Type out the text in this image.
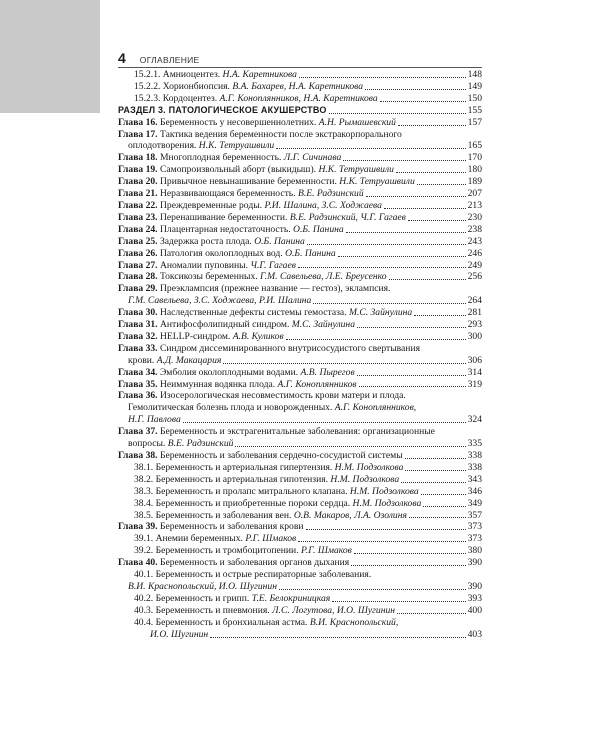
4 ОГЛАВЛЕНИЕ
15.2.1. Амниоцентез. Н.А. Каретникова	148
15.2.2. Хорионбиопсия. В.А. Бахарев, Н.А. Каретникова	149
15.2.3. Кордоцентез. А.Г. Коноплянников, Н.А. Каретникова	150
РАЗДЕЛ 3. ПАТОЛОГИЧЕСКОЕ АКУШЕРСТВО	155
Глава 16. Беременность у несовершеннолетних. А.Н. Рымашевский	157
Глава 17. Тактика ведения беременности после экстракорпорального
оплодотворения. Н.К. Тетруашвили	165
Глава 18. Многоплодная беременность. Л.Г. Сичинава	170
Глава 19. Самопроизвольный аборт (выкидыш). Н.К. Тетруашвили	180
Глава 20. Привычное невынашивание беременности. Н.К. Тетруашвили	189
Глава 21. Неразвивающаяся беременность. В.Е. Радзинский	207
Глава 22. Преждевременные роды. Р.И. Шалина, З.С. Ходжаева	213
Глава 23. Перенашивание беременности. В.Е. Радзинский, Ч.Г. Гагаев	230
Глава 24. Плацентарная недостаточность. О.Б. Панина	238
Глава 25. Задержка роста плода. О.Б. Панина	243
Глава 26. Патология околоплодных вод. О.Б. Панина	246
Глава 27. Аномалии пуповины. Ч.Г. Гагаев	249
Глава 28. Токсикозы беременных. Г.М. Савельева, Л.Е. Бреусенко	256
Глава 29. Преэклампсия (прежнее название — гестоз), эклампсия.
Г.М. Савельева, З.С. Ходжаева, Р.И. Шалина	264
Глава 30. Наследственные дефекты системы гемостаза. М.С. Зайнулина	281
Глава 31. Антифосфолипидный синдром. М.С. Зайнулина	293
Глава 32. HELLP-синдром. А.В. Куликов	300
Глава 33. Синдром диссеминированного внутрисосудистого свертывания
крови. А.Д. Макацария	306
Глава 34. Эмболия околоплодными водами. А.В. Пырегов	314
Глава 35. Неиммунная водянка плода. А.Г. Коноплянников	319
Глава 36. Изосерологическая несовместимость крови матери и плода.
Гемолитическая болезнь плода и новорожденных. А.Г. Коноплянников,
Н.Г. Павлова	324
Глава 37. Беременность и экстрагенитальные заболевания: организационные
вопросы. В.Е. Радзинский	335
Глава 38. Беременность и заболевания сердечно-сосудистой системы	338
38.1. Беременность и артериальная гипертензия. Н.М. Подзолкова	338
38.2. Беременность и артериальная гипотензия. Н.М. Подзолкова	343
38.3. Беременность и пролапс митрального клапана. Н.М. Подзолкова	346
38.4. Беременность и приобретенные пороки сердца. Н.М. Подзолкова	349
38.5. Беременность и заболевания вен. О.В. Макаров, Л.А. Озолиня	357
Глава 39. Беременность и заболевания крови	373
39.1. Анемии беременных. Р.Г. Шмаков	373
39.2. Беременность и тромбоцитопении. Р.Г. Шмаков	380
Глава 40. Беременность и заболевания органов дыхания	390
40.1. Беременность и острые респираторные заболевания.
В.И. Краснопольский, И.О. Шугинин	390
40.2. Беременность и грипп. Т.Е. Белокриницкая	393
40.3. Беременность и пневмония. Л.С. Логутова, И.О. Шугинин	400
40.4. Беременность и бронхиальная астма. В.И. Краснопольский,
И.О. Шугинин	403
